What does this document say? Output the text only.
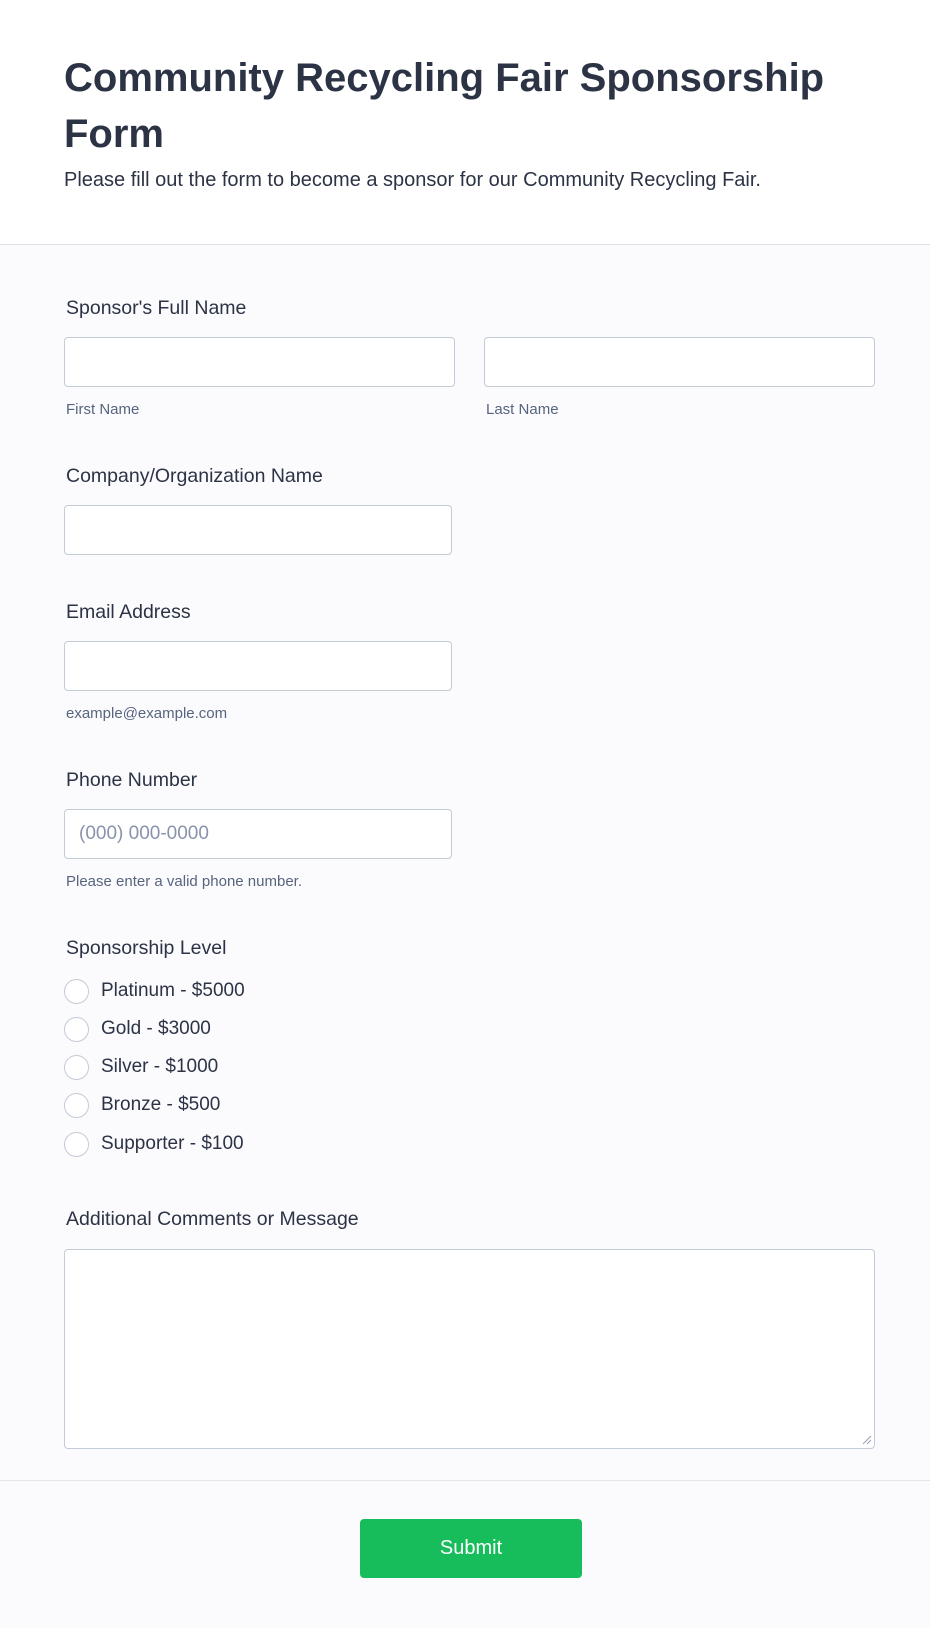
Community Recycling Fair Sponsorship Form

Please fill out the form to become a sponsor for our Community Recycling Fair.

Sponsor's Full Name
First Name	Last Name
Company/Organization Name
Email Address
example@example.com
Phone Number
(000) 000-0000
Please enter a valid phone number.
Sponsorship Level
Platinum - $5000
Gold - $3000
Silver - $1000
Bronze - $500
Supporter - $100
Additional Comments or Message
Submit
